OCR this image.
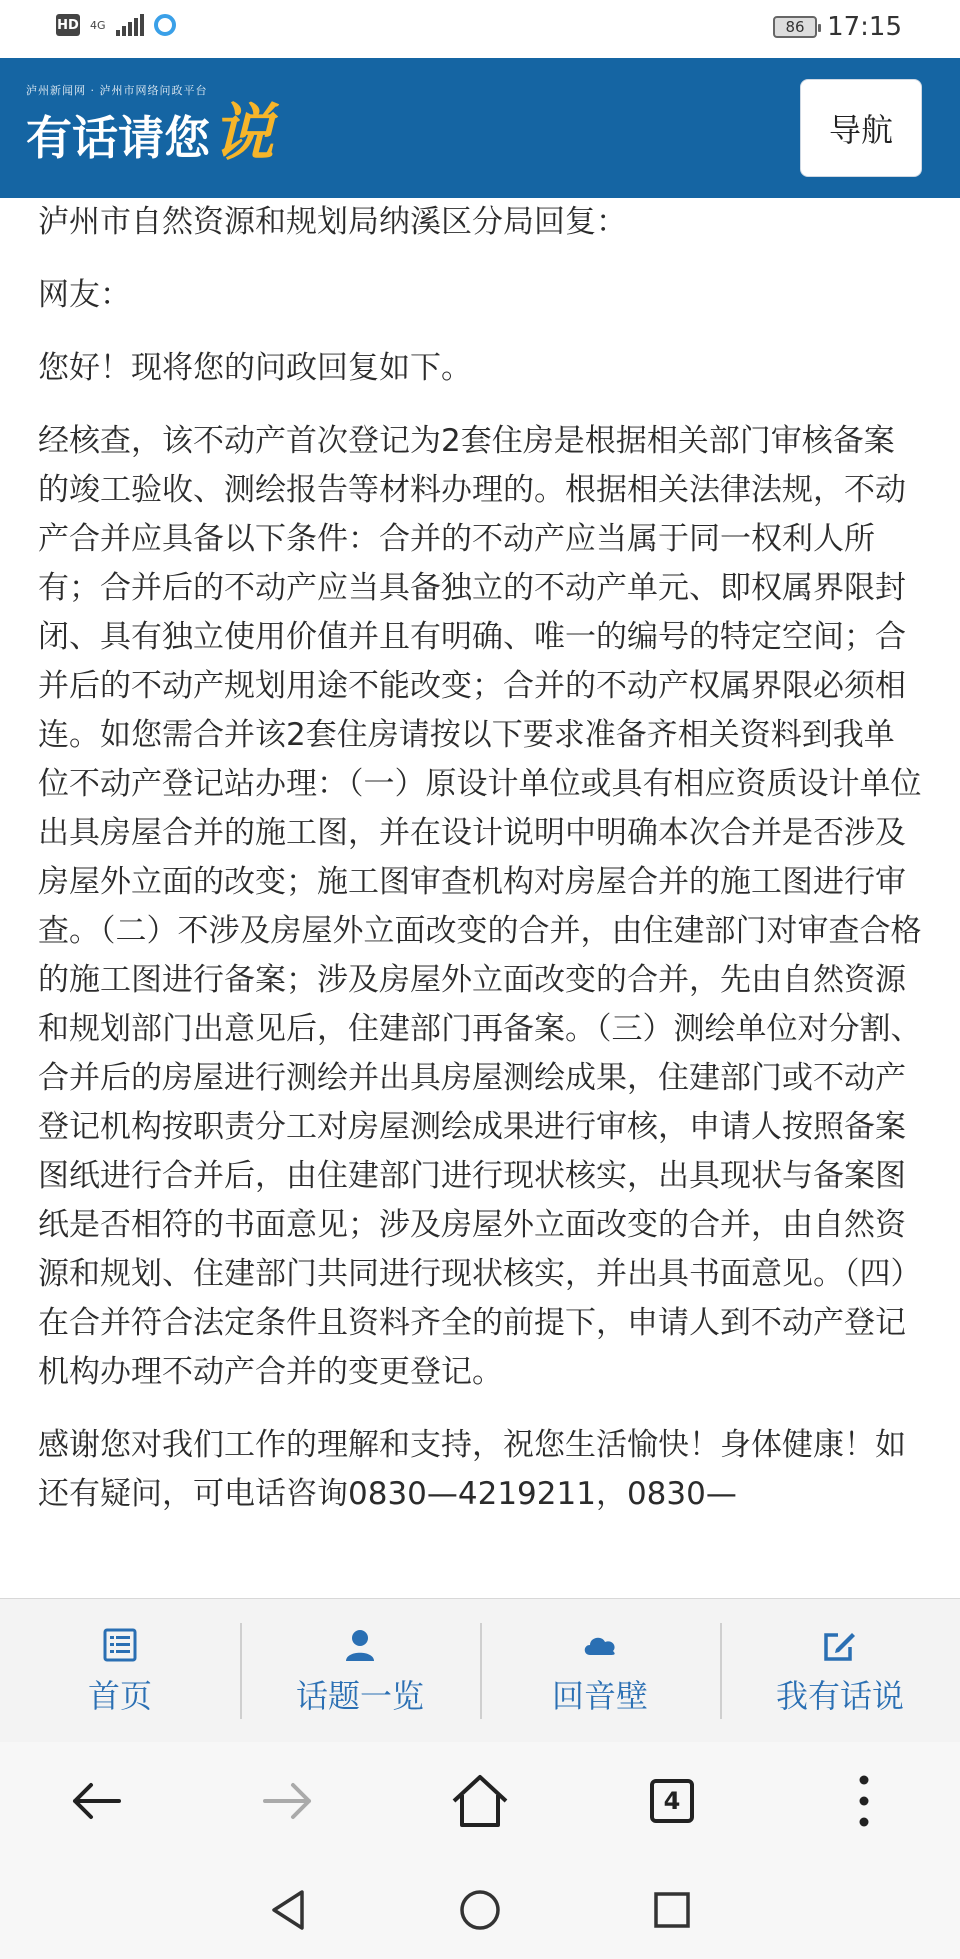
HD 4G	86 17:15
泸州新闻网 · 泸州市网络问政平台
有话请您 说	导航

泸州市自然资源和规划局纳溪区分局回复：

网友：

您好！现将您的问政回复如下。

经核查，该不动产首次登记为2套住房是根据相关部门审核备案的竣工验收、测绘报告等材料办理的。根据相关法律法规，不动产合并应具备以下条件：合并的不动产应当属于同一权利人所有；合并后的不动产应当具备独立的不动产单元、即权属界限封闭、具有独立使用价值并且有明确、唯一的编号的特定空间；合并后的不动产规划用途不能改变；合并的不动产权属界限必须相连。如您需合并该2套住房请按以下要求准备齐相关资料到我单位不动产登记站办理：（一）原设计单位或具有相应资质设计单位出具房屋合并的施工图，并在设计说明中明确本次合并是否涉及房屋外立面的改变；施工图审查机构对房屋合并的施工图进行审查。（二）不涉及房屋外立面改变的合并，由住建部门对审查合格的施工图进行备案；涉及房屋外立面改变的合并，先由自然资源和规划部门出意见后，住建部门再备案。（三）测绘单位对分割、合并后的房屋进行测绘并出具房屋测绘成果，住建部门或不动产登记机构按职责分工对房屋测绘成果进行审核，申请人按照备案图纸进行合并后，由住建部门进行现状核实，出具现状与备案图纸是否相符的书面意见；涉及房屋外立面改变的合并，由自然资源和规划、住建部门共同进行现状核实，并出具书面意见。（四）在合并符合法定条件且资料齐全的前提下，申请人到不动产登记机构办理不动产合并的变更登记。

感谢您对我们工作的理解和支持，祝您生活愉快！身体健康！如还有疑问，可电话咨询0830—4219211，0830—

首页	话题一览	回音壁	我有话说
4
